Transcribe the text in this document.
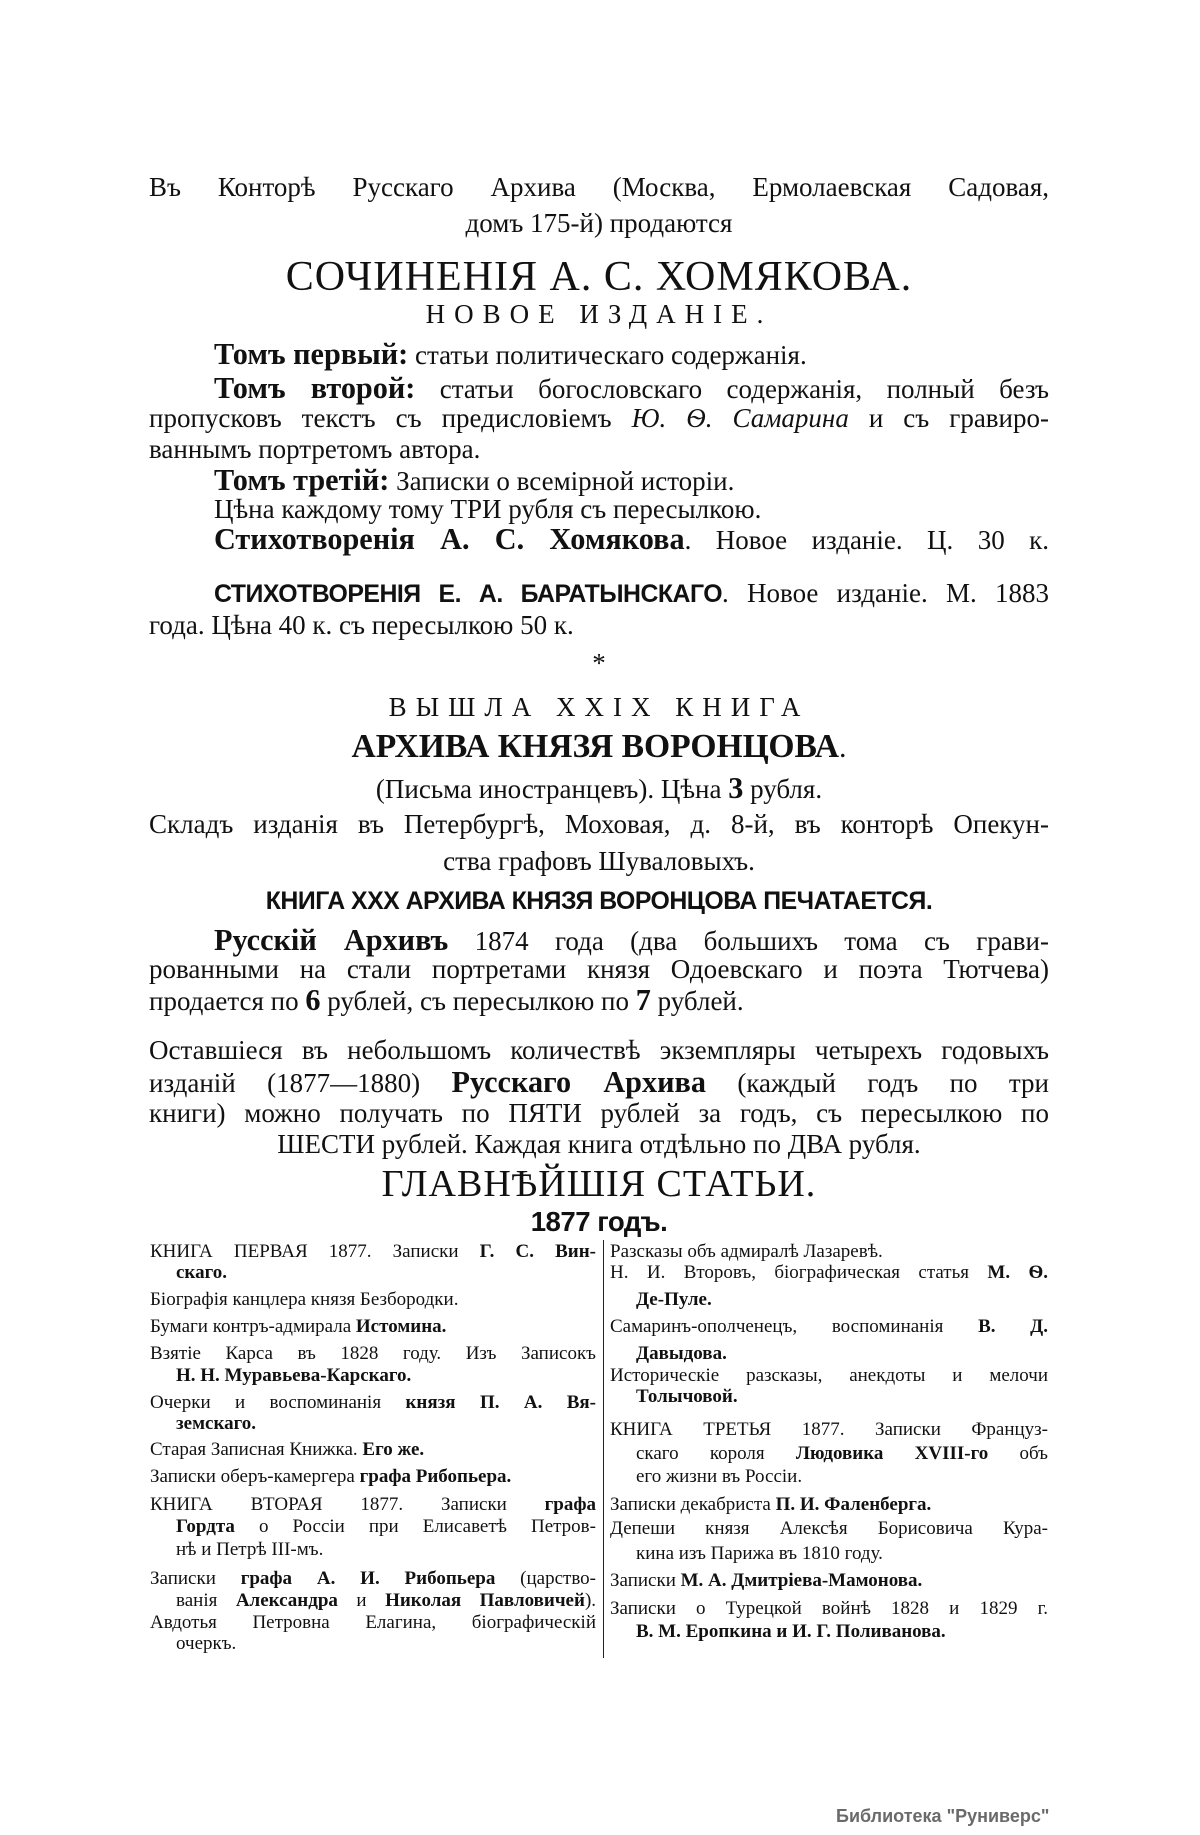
Въ Конторѣ Русскаго Архива (Москва, Ермолаевская Садовая,
домъ 175-й) продаются
СОЧИНЕНІЯ А. С. ХОМЯКОВА.
НОВОЕ ИЗДАНІЕ.
Томъ первый: статьи политическаго содержанія.
Томъ второй: статьи богословскаго содержанія, полный безъ
пропусковъ текстъ съ предисловіемъ Ю. Ѳ. Самарина и съ гравиро-
ваннымъ портретомъ автора.
Томъ третій: Записки о всемірной исторіи.
Цѣна каждому тому ТРИ рубля съ пересылкою.
Стихотворенія А. С. Хомякова. Новое изданіе. Ц. 30 к.
СТИХОТВОРЕНІЯ Е. А. БАРАТЫНСКАГО. Новое изданіе. М. 1883
года. Цѣна 40 к. съ пересылкою 50 к.
*
ВЫШЛА XXIX КНИГА
АРХИВА КНЯЗЯ ВОРОНЦОВА.
(Письма иностранцевъ). Цѣна 3 рубля.
Складъ изданія въ Петербургѣ, Моховая, д. 8-й, въ конторѣ Опекун-
ства графовъ Шуваловыхъ.
КНИГА XXX АРХИВА КНЯЗЯ ВОРОНЦОВА ПЕЧАТАЕТСЯ.
Русскій Архивъ 1874 года (два большихъ тома съ грави-
рованными на стали портретами князя Одоевскаго и поэта Тютчева)
продается по 6 рублей, съ пересылкою по 7 рублей.
Оставшіеся въ небольшомъ количествѣ экземпляры четырехъ годовыхъ
изданій (1877—1880) Русскаго Архива (каждый годъ по три
книги) можно получать по ПЯТИ рублей за годъ, съ пересылкою по
ШЕСТИ рублей. Каждая книга отдѣльно по ДВА рубля.
ГЛАВНѢЙШІЯ СТАТЬИ.
1877 годъ.
КНИГА ПЕРВАЯ 1877. Записки Г. С. Вин-
скаго.
Біографія канцлера князя Безбородки.
Бумаги контръ-адмирала Истомина.
Взятіе Карса въ 1828 году. Изъ Записокъ
Н. Н. Муравьева-Карскаго.
Очерки и воспоминанія князя П. А. Вя-
земскаго.
Старая Записная Книжка. Его же.
Записки оберъ-камергера графа Рибопьера.
КНИГА ВТОРАЯ 1877. Записки графа
Гордта о Россіи при Елисаветѣ Петров-
нѣ и Петрѣ III-мъ.
Записки графа А. И. Рибопьера (царство-
ванія Александра и Николая Павловичей).
Авдотья Петровна Елагина, біографическій
очеркъ.
Разсказы объ адмиралѣ Лазаревѣ.
Н. И. Второвъ, біографическая статья М. Ѳ.
Де-Пуле.
Самаринъ-ополченецъ, воспоминанія В. Д.
Давыдова.
Историческіе разсказы, анекдоты и мелочи
Толычовой.
КНИГА ТРЕТЬЯ 1877. Записки Француз-
скаго короля Людовика XVIII-го объ
его жизни въ Россіи.
Записки декабриста П. И. Фаленберга.
Депеши князя Алексѣя Борисовича Кура-
кина изъ Парижа въ 1810 году.
Записки М. А. Дмитріева-Мамонова.
Записки о Турецкой войнѣ 1828 и 1829 г.
В. М. Еропкина и И. Г. Поливанова.
Библиотека "Руниверс"
